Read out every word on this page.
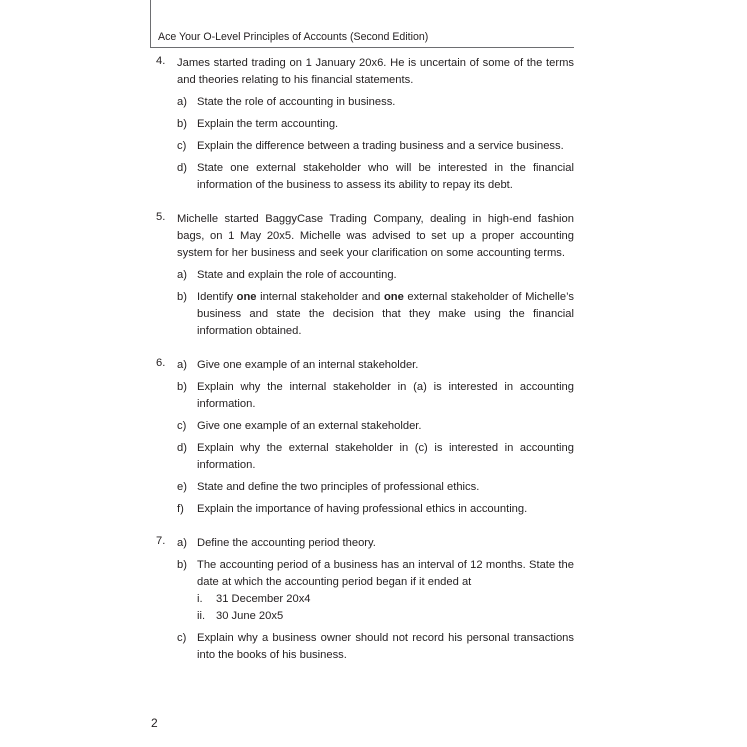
Ace Your O-Level Principles of Accounts (Second Edition)
4. James started trading on 1 January 20x6. He is uncertain of some of the terms and theories relating to his financial statements.
a) State the role of accounting in business.
b) Explain the term accounting.
c) Explain the difference between a trading business and a service business.
d) State one external stakeholder who will be interested in the financial information of the business to assess its ability to repay its debt.
5. Michelle started BaggyCase Trading Company, dealing in high-end fashion bags, on 1 May 20x5. Michelle was advised to set up a proper accounting system for her business and seek your clarification on some accounting terms.
a) State and explain the role of accounting.
b) Identify one internal stakeholder and one external stakeholder of Michelle’s business and state the decision that they make using the financial information obtained.
6. a) Give one example of an internal stakeholder.
b) Explain why the internal stakeholder in (a) is interested in accounting information.
c) Give one example of an external stakeholder.
d) Explain why the external stakeholder in (c) is interested in accounting information.
e) State and define the two principles of professional ethics.
f) Explain the importance of having professional ethics in accounting.
7. a) Define the accounting period theory.
b) The accounting period of a business has an interval of 12 months. State the date at which the accounting period began if it ended at
i. 31 December 20x4
ii. 30 June 20x5
c) Explain why a business owner should not record his personal transactions into the books of his business.
2
